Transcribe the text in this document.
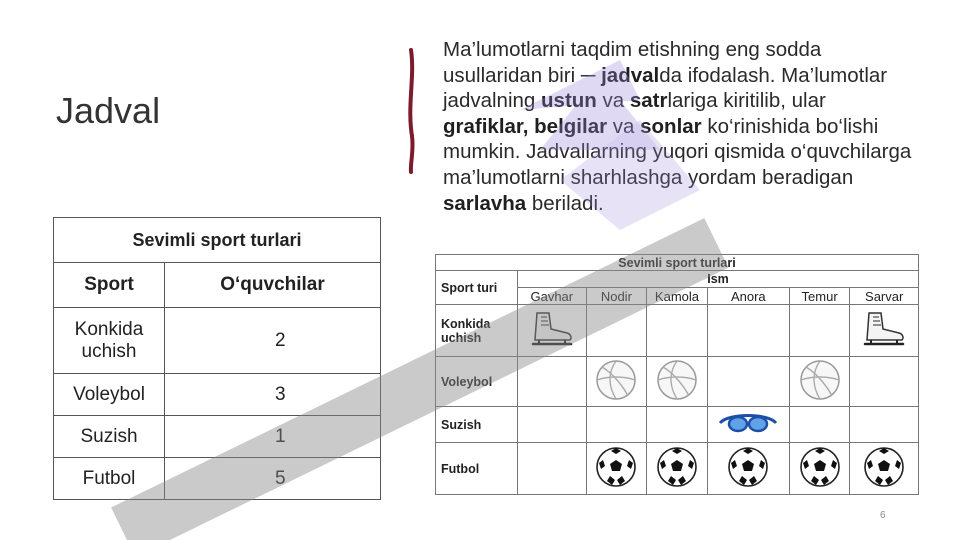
Jadval
Ma’lumotlarni taqdim etishning eng sodda usullaridan biri ─ jadvalda ifodalash. Ma’lumotlar jadvalning ustun va satrlariga kiritilib, ular grafiklar, belgilar va sonlar ko‘rinishida bo‘lishi mumkin. Jadvallarning yuqori qismida o‘quvchilarga ma’lumotlarni sharhlashga yordam beradigan sarlavha beriladi.
Sevimli sport turlari	
Sport	O‘quvchilar
Konkida uchish	2
Voleybol	3
Suzish	1
Futbol	5
Sevimli sport turlari						
Sport turi	Ism					
	Gavhar	Nodir	Kamola	Anora	Temur	Sarvar
Konkida uchish						
Voleybol						
Suzish						
Futbol						
6
